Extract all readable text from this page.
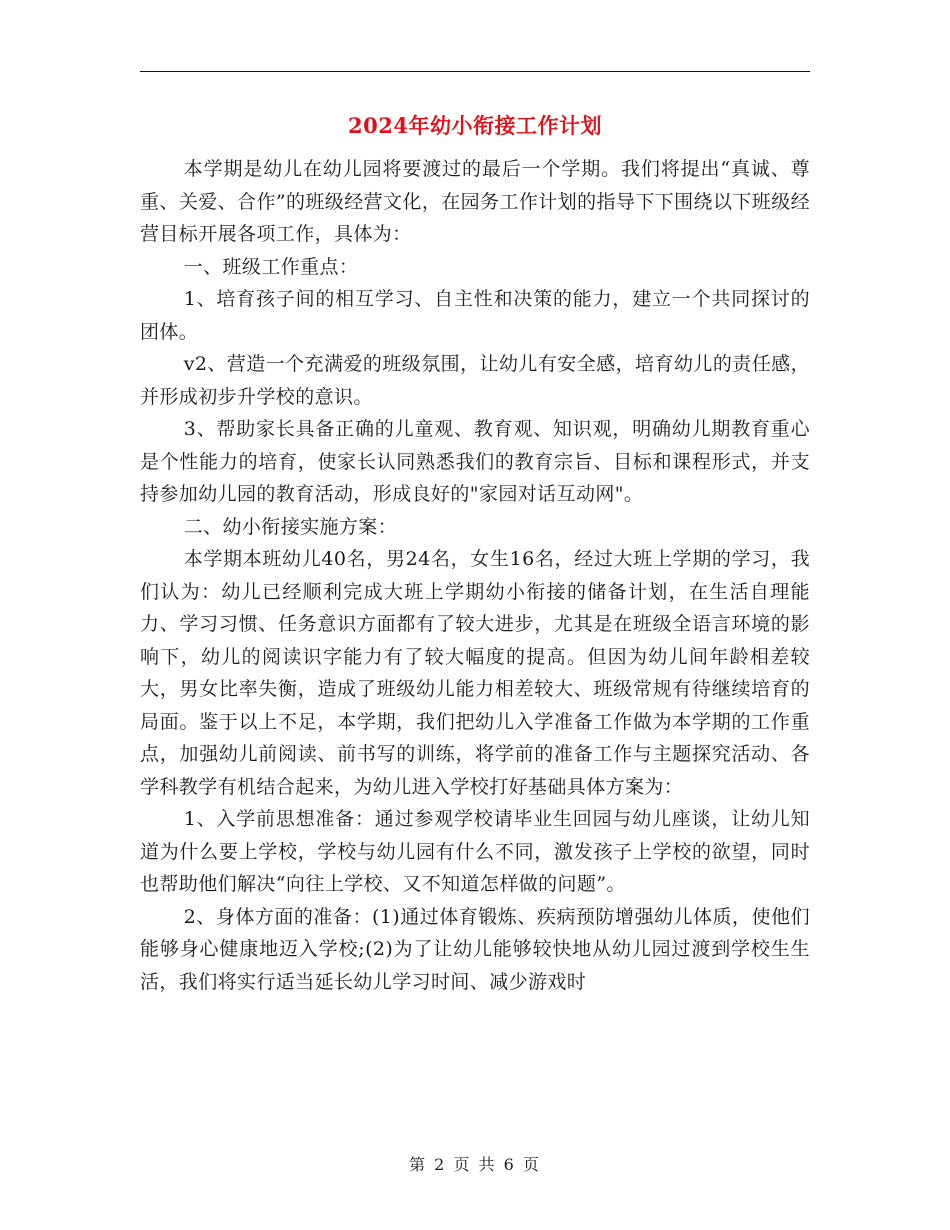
2024年幼小衔接工作计划

本学期是幼儿在幼儿园将要渡过的最后一个学期。我们将提出“真诚、尊重、关爱、合作”的班级经营文化，在园务工作计划的指导下下围绕以下班级经营目标开展各项工作，具体为：

一、班级工作重点：

1、培育孩子间的相互学习、自主性和决策的能力，建立一个共同探讨的团体。

v2、营造一个充满爱的班级氛围，让幼儿有安全感，培育幼儿的责任感，并形成初步升学校的意识。

3、帮助家长具备正确的儿童观、教育观、知识观，明确幼儿期教育重心是个性能力的培育，使家长认同熟悉我们的教育宗旨、目标和课程形式，并支持参加幼儿园的教育活动，形成良好的"家园对话互动网"。

二、幼小衔接实施方案：

本学期本班幼儿40名，男24名，女生16名，经过大班上学期的学习，我们认为：幼儿已经顺利完成大班上学期幼小衔接的储备计划，在生活自理能力、学习习惯、任务意识方面都有了较大进步，尤其是在班级全语言环境的影响下，幼儿的阅读识字能力有了较大幅度的提高。但因为幼儿间年龄相差较大，男女比率失衡，造成了班级幼儿能力相差较大、班级常规有待继续培育的局面。鉴于以上不足，本学期，我们把幼儿入学准备工作做为本学期的工作重点，加强幼儿前阅读、前书写的训练，将学前的准备工作与主题探究活动、各学科教学有机结合起来，为幼儿进入学校打好基础具体方案为：

1、入学前思想准备：通过参观学校请毕业生回园与幼儿座谈，让幼儿知道为什么要上学校，学校与幼儿园有什么不同，激发孩子上学校的欲望，同时也帮助他们解决“向往上学校、又不知道怎样做的问题”。

2、身体方面的准备：(1)通过体育锻炼、疾病预防增强幼儿体质，使他们能够身心健康地迈入学校;(2)为了让幼儿能够较快地从幼儿园过渡到学校生生活，我们将实行适当延长幼儿学习时间、减少游戏时

第 2 页 共 6 页
